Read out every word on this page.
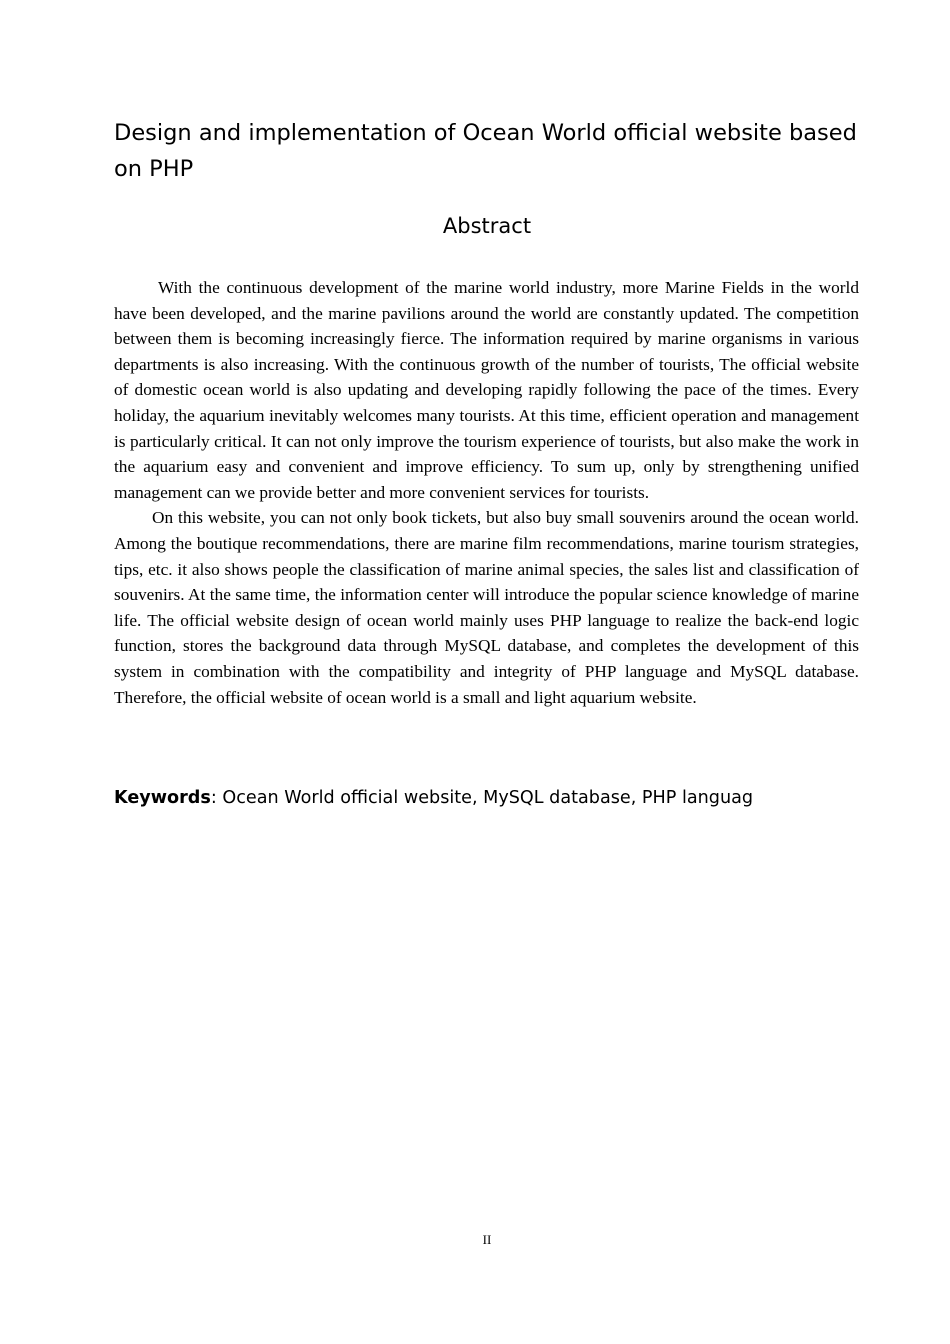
Design and implementation of Ocean World official website based on PHP
Abstract

With the continuous development of the marine world industry, more Marine Fields in the world have been developed, and the marine pavilions around the world are constantly updated. The competition between them is becoming increasingly fierce. The information required by marine organisms in various departments is also increasing. With the continuous growth of the number of tourists, The official website of domestic ocean world is also updating and developing rapidly following the pace of the times. Every holiday, the aquarium inevitably welcomes many tourists. At this time, efficient operation and management is particularly critical. It can not only improve the tourism experience of tourists, but also make the work in the aquarium easy and convenient and improve efficiency. To sum up, only by strengthening unified management can we provide better and more convenient services for tourists.

On this website, you can not only book tickets, but also buy small souvenirs around the ocean world. Among the boutique recommendations, there are marine film recommendations, marine tourism strategies, tips, etc. it also shows people the classification of marine animal species, the sales list and classification of souvenirs. At the same time, the information center will introduce the popular science knowledge of marine life. The official website design of ocean world mainly uses PHP language to realize the back-end logic function, stores the background data through MySQL database, and completes the development of this system in combination with the compatibility and integrity of PHP language and MySQL database. Therefore, the official website of ocean world is a small and light aquarium website.

Keywords: Ocean World official website, MySQL database, PHP languag

II
